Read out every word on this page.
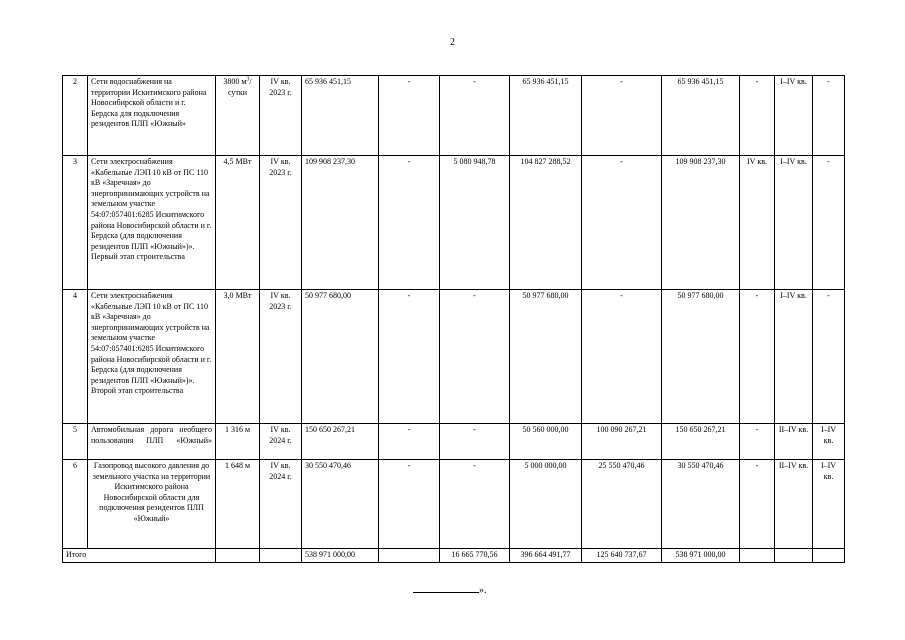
2
2	Сети водоснабжения на территории Искитимского района Новосибирской области и г. Бердска для подключения резидентов ПЛП «Южный»	3800 $м^3$/сутки	IV кв. 2023 г.	65 936 451,15	-	-	65 936 451,15	-	65 936 451,15	-	I–IV кв.	-
3	Сети электроснабжения «Кабельные ЛЭП 10 кВ от ПС 110 кВ «Заречная» до энергопринимающих устройств на земельном участке 54:07:057401:6285 Искитимского района Новосибирской области и г. Бердска (для подключения резидентов ПЛП «Южный»)». Первый этап строительства	4,5 МВт	IV кв. 2023 г.	109 908 237,30	-	5 080 948,78	104 827 288,52	-	109 908 237,30	IV кв.	I–IV кв.	-
4	Сети электроснабжения «Кабельные ЛЭП 10 кВ от ПС 110 кВ «Заречная» до энергопринимающих устройств на земельном участке 54:07:057401:6285 Искитимского района Новосибирской области и г. Бердска (для подключения резидентов ПЛП «Южный»)». Второй этап строительства	3,0 МВт	IV кв. 2023 г.	50 977 680,00	-	-	50 977 680,00	-	50 977 680,00	-	I–IV кв.	-
5	Автомобильная дорога необщего пользования ПЛП «Южный»	1 316 м	IV кв. 2024 г.	150 650 267,21	-	-	50 560 000,00	100 090 267,21	150 650 267,21	-	II–IV кв.	I–IV кв.
6	Газопровод высокого давления до земельного участка на территории Искитимского района Новосибирской области для подключения резидентов ПЛП «Южный»	1 648 м	IV кв. 2024 г.	30 550 470,46	-	-	5 000 000,00	25 550 470,46	30 550 470,46	-	II–IV кв.	I–IV кв.
Итого				538 971 000,00		16 665 770,56	396 664 491,77	125 640 737,67	538 971 000,00			
».
